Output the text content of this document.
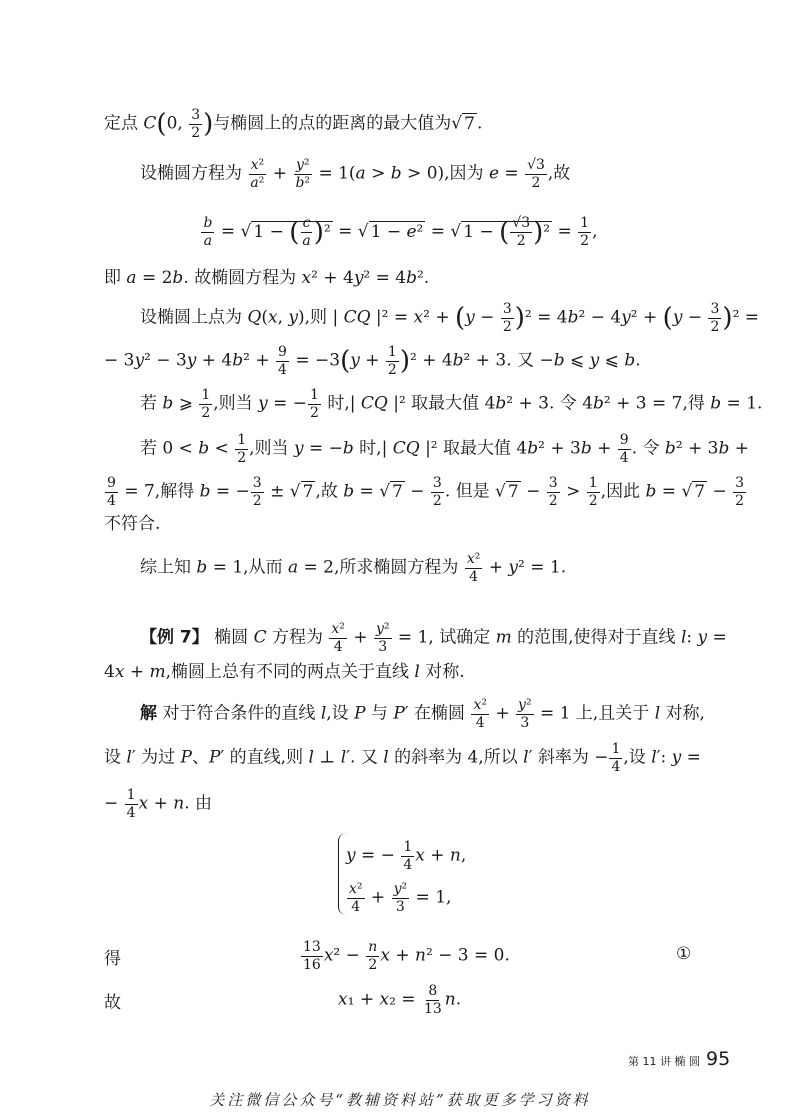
定点 C(0, $\frac{3}{2}$ )与椭圆上的点的距离的最大值为√ 7 .
设椭圆方程为 $\frac{\text{x²}}{\text{a²}} + \frac{\text{y²}}{\text{b²}} = 1(a > b > 0)$,因为 $e = \frac{√3}{2}$ ,故
$\frac{b}{a}$ = √ 1 − ( $\frac{c}{a} )^2$ = √ 1 − e² = √ 1 − ( $\frac{√3}{2} )^2 = \frac{1}{2}$ ,
即 a = 2b. 故椭圆方程为 x² + 4y² = 4b².
设椭圆上点为 Q(x, y),则 | CQ $|^2 = x^2 + (y - \frac{3}{2} )^2 = 4b^2 - 4y^2 + (y - \frac{3}{2} )^2$ =
− $3y^2 - 3y + 4b^2 + \frac{9}{4} = -3(y + \frac{1}{2} )^2 + 4b^2 + 3$. 又 −b ⩽ y ⩽ b.
若 b ⩾ $\frac{1}{2}$ ,则当 y = − $\frac{1}{2}$ 时,| CQ |² 取最大值 4b² + 3. 令 4b² + 3 = 7,得 b = 1.
若 $0 < b < \frac{1}{2}$ ,则当 y = −b 时,| CQ |² 取最大值 $4b^2 + 3b + \frac{9}{4}$ . 令 b² + 3b +
$\frac{9}{4} = 7$,解得 b = − $\frac{3}{2}$ ± √ 7 ,故 b = √ $7 - \frac{3}{2}$ . 但是 √ $7 - \frac{3}{2} > \frac{1}{2}$ ,因此 b = √ $7 - \frac{3}{2}$
不符合.
综上知 b = 1,从而 a = 2,所求椭圆方程为 $\frac{\text{x²}}{4} + y^2 = 1$.
【例 7】 椭圆 C 方程为 $\frac{\text{x²}}{4} + \frac{\text{y²}}{3} = 1$, 试确定 m 的范围,使得对于直线 l: y =
4x + m,椭圆上总有不同的两点关于直线 l 对称.
解 对于符合条件的直线 l,设 P 与 P′ 在椭圆 $\frac{\text{x²}}{4} + \frac{\text{y²}}{3} = 1$ 上,且关于 l 对称,
设 l′ 为过 P、P′ 的直线,则 l ⊥ l′. 又 l 的斜率为 4,所以 l′ 斜率为 − $\frac{1}{4}$ ,设 l′: y =
− $\frac{1}{4}$ x + n. 由
y = − $\frac{1}{4}$ x + n,
$\frac{\text{x²}}{4} + \frac{\text{y²}}{3} = 1$,
得	$\frac{13}{16} x^2 - \frac{n}{2}$ x + n² − 3 = 0.	①
故	$x_1 + x_2 = \frac{8}{13} n$.
第 11 讲 椭 圆 95
关注微信公众号“教辅资料站”获取更多学习资料
